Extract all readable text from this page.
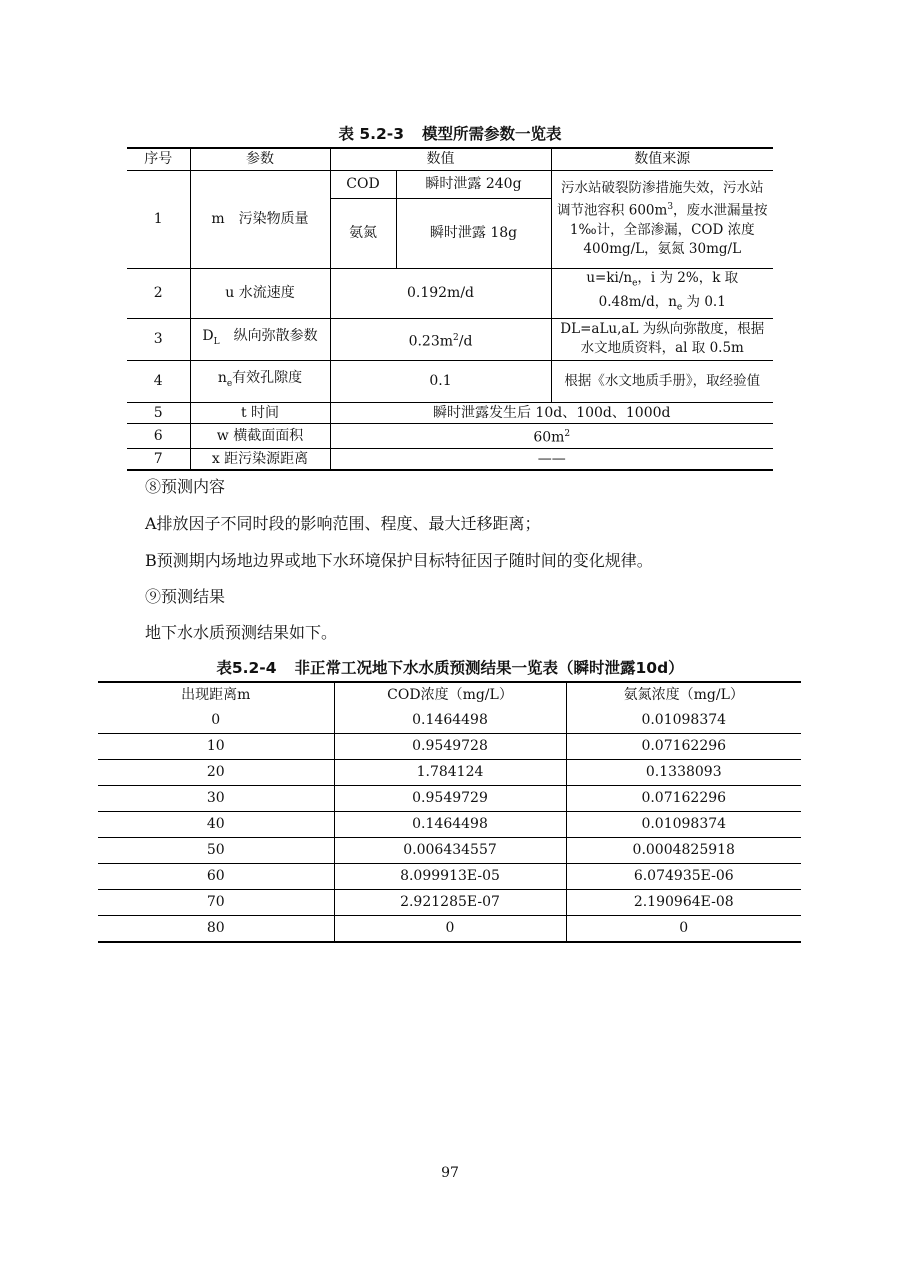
表 5.2-3 模型所需参数一览表
序号	参数	数值		数值来源
1	m　污染物质量	COD	瞬时泄露 240g	污水站破裂防渗措施失效，污水站调节池容积 $600m^3$，废水泄漏量按 1‰计，全部渗漏，COD 浓度 400mg/L，氨氮 30mg/L
		氨氮	瞬时泄露 18g	
2	u 水流速度	0.192m/d		$u=ki/n_e$，i 为 2%，k 取 0.48m/d，$n_e$ 为 0.1
3	$D_L$　纵向弥散参数	$0.23m^2/d$		DL=aLu,aL 为纵向弥散度，根据水文地质资料，al 取 0.5m
4	$n_e$有效孔隙度	0.1		根据《水文地质手册》，取经验值
5	t 时间	瞬时泄露发生后 10d、100d、1000d		
6	w 横截面面积	$60m^2$
7	x 距污染源距离	——		
⑧预测内容
A排放因子不同时段的影响范围、程度、最大迁移距离；
B预测期内场地边界或地下水环境保护目标特征因子随时间的变化规律。
⑨预测结果
地下水水质预测结果如下。
表5.2-4 非正常工况地下水水质预测结果一览表（瞬时泄露10d）
出现距离m	COD浓度（mg/L）	氨氮浓度（mg/L）
0	0.1464498	0.01098374
10	0.9549728	0.07162296
20	1.784124	0.1338093
30	0.9549729	0.07162296
40	0.1464498	0.01098374
50	0.006434557	0.0004825918
60	8.099913E-05	6.074935E-06
70	2.921285E-07	2.190964E-08
80	0	0
97
